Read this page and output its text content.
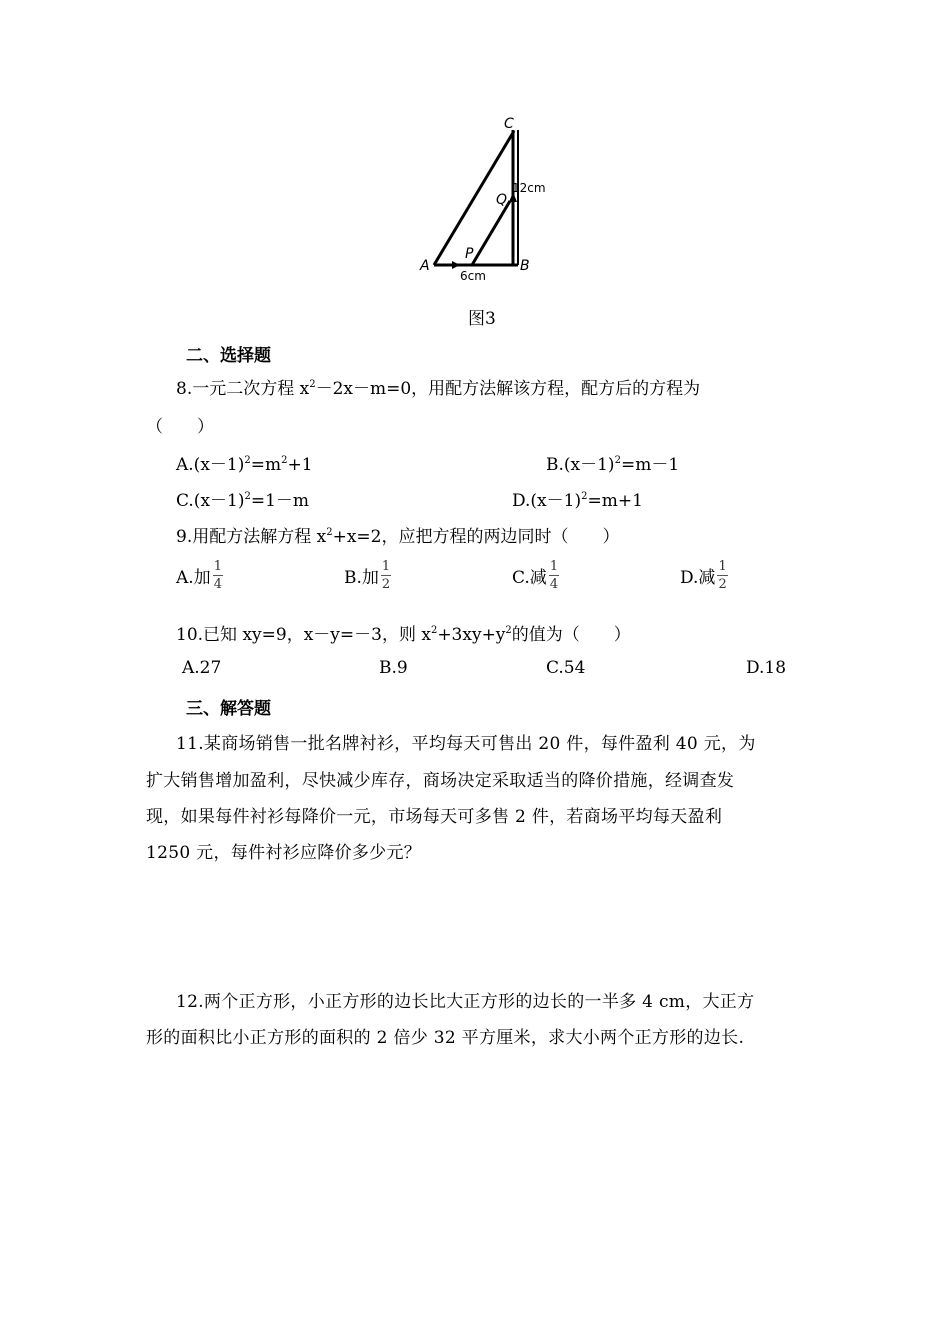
A	B
C
P
Q
12cm
6cm
图3
二、选择题
8.一元二次方程 $x^2-2x-m=0$，用配方法解该方程，配方后的方程为
（　　）
$A.(x-1)^2=m^2+1$	$B.(x-1)^2=m-1$
$C.(x-1)^2=1-m$	$D.(x-1)^2=m+1$
9.用配方法解方程 $x^2+x=2$，应把方程的两边同时（　　）
A.加 $\frac{1}{4}$	B.加 $\frac{1}{2}$	C.减 $\frac{1}{4}$	D.减 $\frac{1}{2}$
10.已知 xy=9，x－y=－3，则 $x^2+3xy+y^2$的值为（　　）
A.27	B.9	C.54	D.18
三、解答题
11.某商场销售一批名牌衬衫，平均每天可售出 20 件，每件盈利 40 元，为
扩大销售增加盈利，尽快减少库存，商场决定采取适当的降价措施，经调查发
现，如果每件衬衫每降价一元，市场每天可多售 2 件，若商场平均每天盈利
1250 元，每件衬衫应降价多少元？
12.两个正方形，小正方形的边长比大正方形的边长的一半多 4 cm，大正方
形的面积比小正方形的面积的 2 倍少 32 平方厘米，求大小两个正方形的边长.
